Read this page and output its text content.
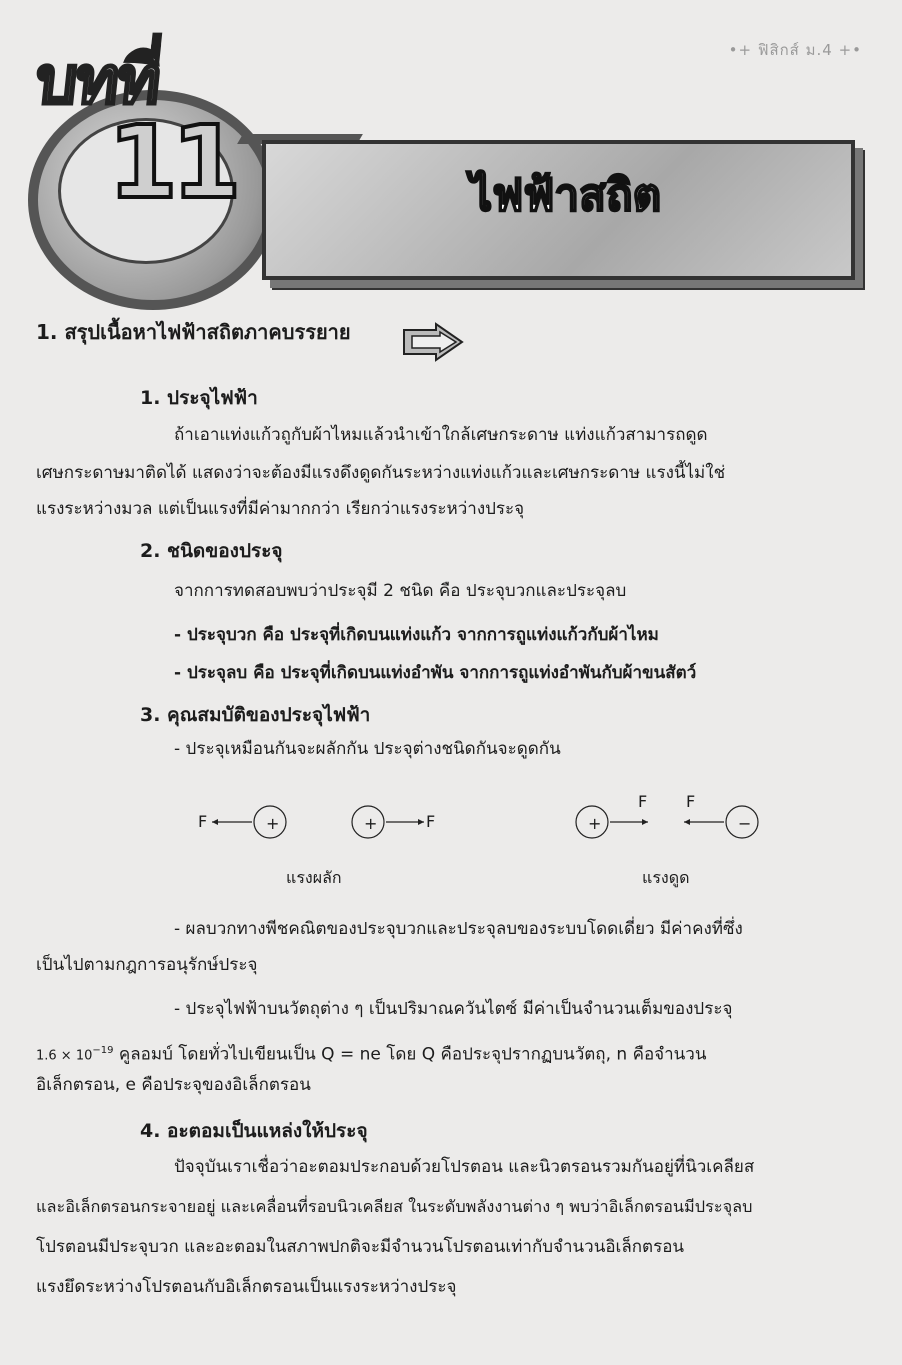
•+ ฟิสิกส์ ม.4 +•
บทที่
11	ไฟฟ้าสถิต
1. สรุปเนื้อหาไฟฟ้าสถิตภาคบรรยาย
1. ประจุไฟฟ้า
ถ้าเอาแท่งแก้วถูกับผ้าไหมแล้วนำเข้าใกล้เศษกระดาษ แท่งแก้วสามารถดูด
เศษกระดาษมาติดได้ แสดงว่าจะต้องมีแรงดึงดูดกันระหว่างแท่งแก้วและเศษกระดาษ แรงนี้ไม่ใช่
แรงระหว่างมวล แต่เป็นแรงที่มีค่ามากกว่า เรียกว่าแรงระหว่างประจุ
2. ชนิดของประจุ
จากการทดสอบพบว่าประจุมี 2 ชนิด คือ ประจุบวกและประจุลบ
- ประจุบวก คือ ประจุที่เกิดบนแท่งแก้ว จากการถูแท่งแก้วกับผ้าไหม
- ประจุลบ คือ ประจุที่เกิดบนแท่งอำพัน จากการถูแท่งอำพันกับผ้าขนสัตว์
3. คุณสมบัติของประจุไฟฟ้า
- ประจุเหมือนกันจะผลักกัน ประจุต่างชนิดกันจะดูดกัน
F	+	+	F	+
F F
−
แรงผลัก	แรงดูด
- ผลบวกทางพีชคณิตของประจุบวกและประจุลบของระบบโดดเดี่ยว มีค่าคงที่ซึ่ง
เป็นไปตามกฎการอนุรักษ์ประจุ
- ประจุไฟฟ้าบนวัตถุต่าง ๆ เป็นปริมาณควันไตซ์ มีค่าเป็นจำนวนเต็มของประจุ
$1.6 \times 10^{-19}$ คูลอมบ์ โดยทั่วไปเขียนเป็น Q = ne โดย Q คือประจุปรากฏบนวัตถุ, n คือจำนวน
อิเล็กตรอน, e คือประจุของอิเล็กตรอน
4. อะตอมเป็นแหล่งให้ประจุ
ปัจจุบันเราเชื่อว่าอะตอมประกอบด้วยโปรตอน และนิวตรอนรวมกันอยู่ที่นิวเคลียส
และอิเล็กตรอนกระจายอยู่ และเคลื่อนที่รอบนิวเคลียส ในระดับพลังงานต่าง ๆ พบว่าอิเล็กตรอนมีประจุลบ
โปรตอนมีประจุบวก และอะตอมในสภาพปกติจะมีจำนวนโปรตอนเท่ากับจำนวนอิเล็กตรอน
แรงยึดระหว่างโปรตอนกับอิเล็กตรอนเป็นแรงระหว่างประจุ
